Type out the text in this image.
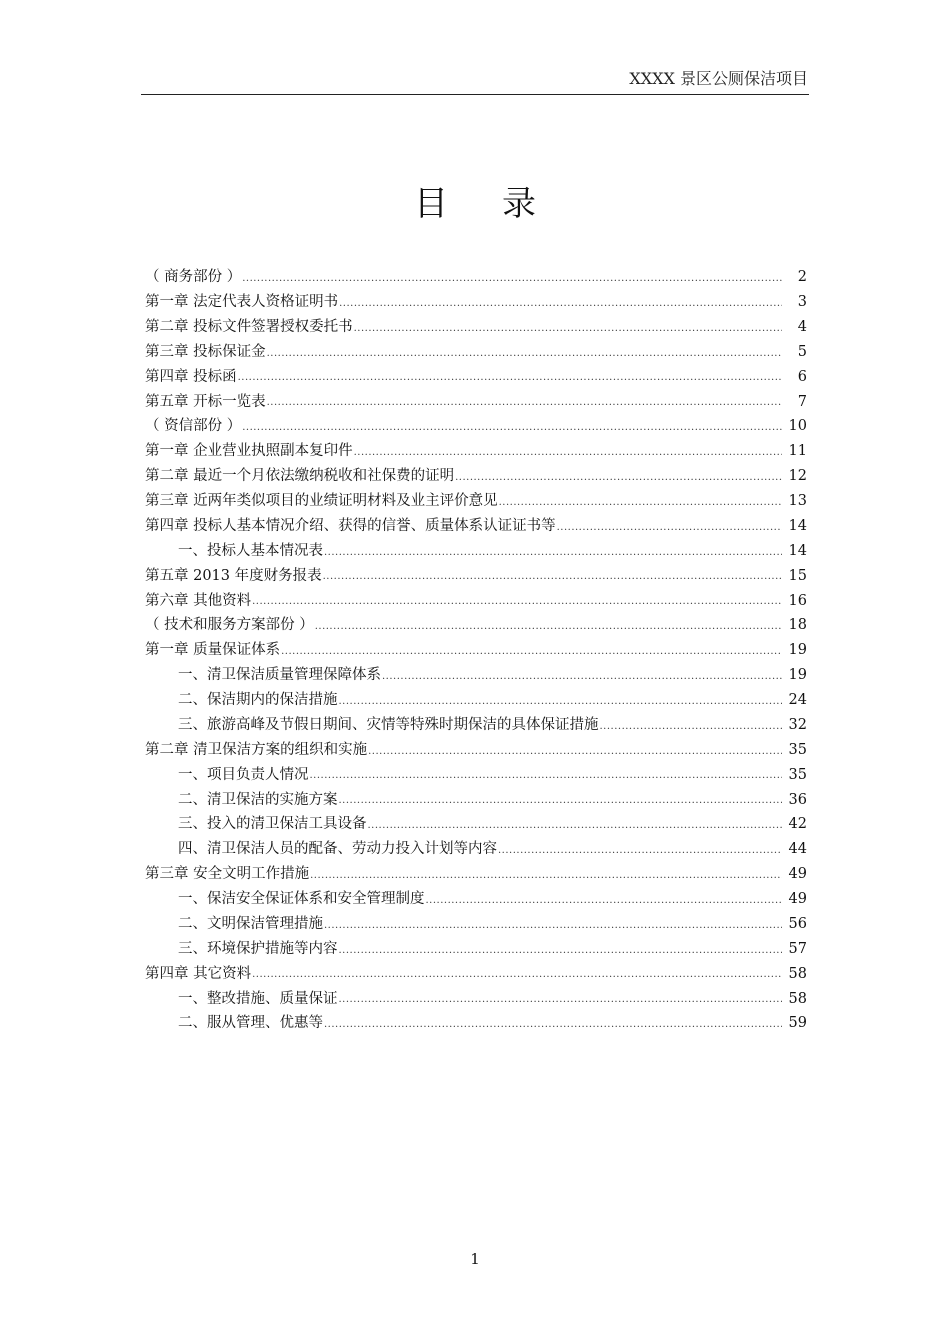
XXXX 景区公厕保洁项目
目录
（ 商务部份 ） .....	2
第一章 法定代表人资格证明书 .....	3
第二章 投标文件签署授权委托书 .....	4
第三章 投标保证金 .....	5
第四章 投标函 .....	6
第五章 开标一览表 .....	7
（ 资信部份 ） .....	10
第一章 企业营业执照副本复印件 .....	11
第二章 最近一个月依法缴纳税收和社保费的证明 .....	12
第三章 近两年类似项目的业绩证明材料及业主评价意见 .....	13
第四章 投标人基本情况介绍、获得的信誉、质量体系认证证书等 .....	14
一、投标人基本情况表 .....	14
第五章 2013 年度财务报表 .....	15
第六章 其他资料 .....	16
（ 技术和服务方案部份 ） .....	18
第一章 质量保证体系 .....	19
一、清卫保洁质量管理保障体系 .....	19
二、保洁期内的保洁措施 .....	24
三、旅游高峰及节假日期间、灾情等特殊时期保洁的具体保证措施 .....	32
第二章 清卫保洁方案的组织和实施 .....	35
一、项目负责人情况 .....	35
二、清卫保洁的实施方案 .....	36
三、投入的清卫保洁工具设备 .....	42
四、清卫保洁人员的配备、劳动力投入计划等内容 .....	44
第三章 安全文明工作措施 .....	49
一、保洁安全保证体系和安全管理制度 .....	49
二、文明保洁管理措施 .....	56
三、环境保护措施等内容 .....	57
第四章 其它资料 .....	58
一、整改措施、质量保证 .....	58
二、服从管理、优惠等 .....	59
1
